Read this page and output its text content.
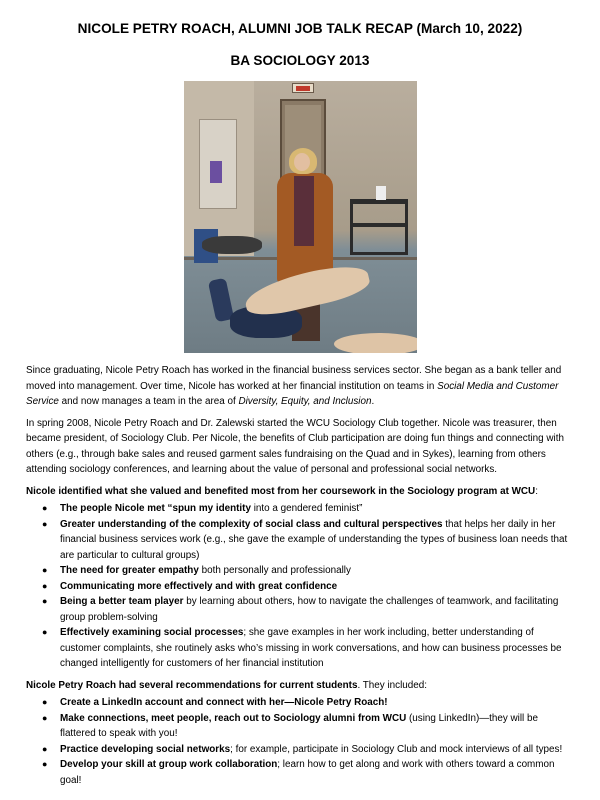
NICOLE PETRY ROACH, ALUMNI JOB TALK RECAP (March 10, 2022)
BA SOCIOLOGY 2013

Since graduating, Nicole Petry Roach has worked in the financial business services sector. She began as a bank teller and moved into management. Over time, Nicole has worked at her financial institution on teams in Social Media and Customer Service and now manages a team in the area of Diversity, Equity, and Inclusion.

In spring 2008, Nicole Petry Roach and Dr. Zalewski started the WCU Sociology Club together. Nicole was treasurer, then became president, of Sociology Club. Per Nicole, the benefits of Club participation are doing fun things and connecting with others (e.g., through bake sales and reused garment sales fundraising on the Quad and in Sykes), learning from others attending sociology conferences, and learning about the value of personal and professional social networks.

Nicole identified what she valued and benefited most from her coursework in the Sociology program at WCU:

● The people Nicole met “spun my identity into a gendered feminist”
● Greater understanding of the complexity of social class and cultural perspectives that helps her daily in her financial business services work (e.g., she gave the example of understanding the types of business loan needs that are particular to cultural groups)
● The need for greater empathy both personally and professionally
● Communicating more effectively and with great confidence
● Being a better team player by learning about others, how to navigate the challenges of teamwork, and facilitating group problem-solving
● Effectively examining social processes; she gave examples in her work including, better understanding of customer complaints, she routinely asks who’s missing in work conversations, and how can business processes be changed intelligently for customers of her financial institution

Nicole Petry Roach had several recommendations for current students. They included:

● Create a LinkedIn account and connect with her—Nicole Petry Roach!
● Make connections, meet people, reach out to Sociology alumni from WCU (using LinkedIn)—they will be flattered to speak with you!
● Practice developing social networks; for example, participate in Sociology Club and mock interviews of all types!
● Develop your skill at group work collaboration; learn how to get along and work with others toward a common goal!
